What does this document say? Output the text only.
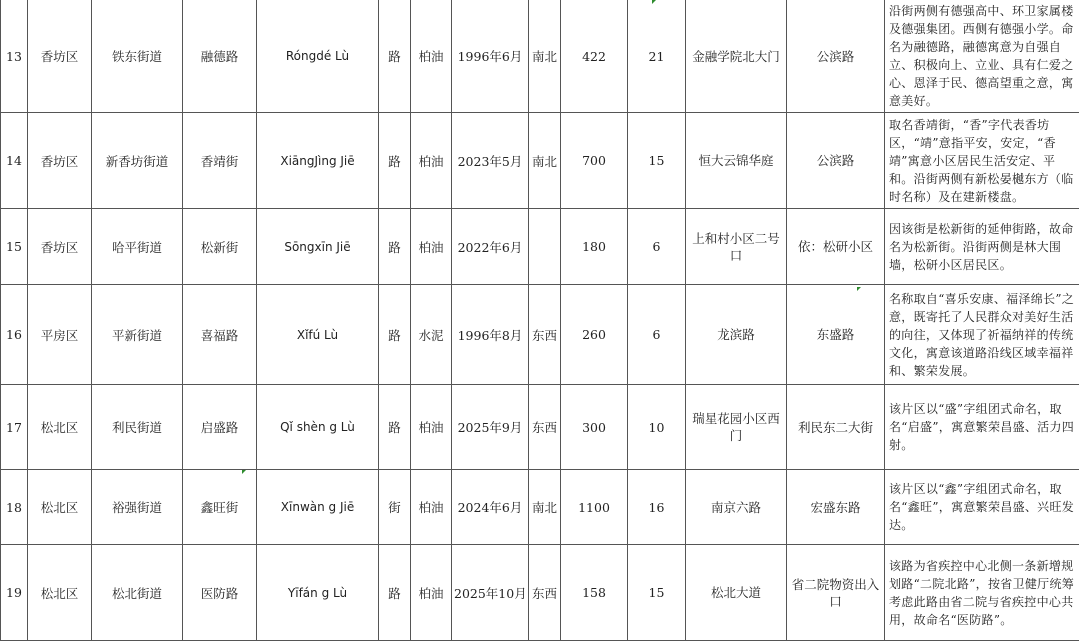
13	香坊区	铁东街道	融德路	Róngdé Lù	路	柏油	1996年6月	南北	422	21	金融学院北大门	公滨路	沿街两侧有德强高中、环卫家属楼及德强集团。西侧有德强小学。命名为融德路，融德寓意为自强自立、积极向上、立业、具有仁爱之心、恩泽于民、德高望重之意，寓意美好。
14	香坊区	新香坊街道	香靖街	XiāngJìng Jiē	路	柏油	2023年5月	南北	700	15	恒大云锦华庭	公滨路	取名香靖街，“香”字代表香坊区，“靖”意指平安，安定，“香靖”寓意小区居民生活安定、平和。沿街两侧有新松晏樾东方（临时名称）及在建新楼盘。
15	香坊区	哈平街道	松新街	Sōngxīn Jiē	路	柏油	2022年6月		180	6	上和村小区二号口	依：松研小区	因该街是松新街的延伸街路，故命名为松新街。沿街两侧是林大围墙，松研小区居民区。
16	平房区	平新街道	喜福路	Xǐfú Lù	路	水泥	1996年8月	东西	260	6	龙滨路	东盛路	名称取自“喜乐安康、福泽绵长”之意，既寄托了人民群众对美好生活的向往，又体现了祈福纳祥的传统文化，寓意该道路沿线区域幸福祥和、繁荣发展。
17	松北区	利民街道	启盛路	Qǐ shèn g Lù	路	柏油	2025年9月	东西	300	10	瑞星花园小区西门	利民东二大街	该片区以“盛”字组团式命名，取名“启盛”，寓意繁荣昌盛、活力四射。
18	松北区	裕强街道	鑫旺街	Xīnwàn g Jiē	街	柏油	2024年6月	南北	1100	16	南京六路	宏盛东路	该片区以“鑫”字组团式命名，取名“鑫旺”，寓意繁荣昌盛、兴旺发达。
19	松北区	松北街道	医防路	Yīfán g Lù	路	柏油	2025年10月	东西	158	15	松北大道	省二院物资出入口	该路为省疾控中心北侧一条新增规划路“二院北路”，按省卫健厅统筹考虑此路由省二院与省疾控中心共用，故命名“医防路”。
